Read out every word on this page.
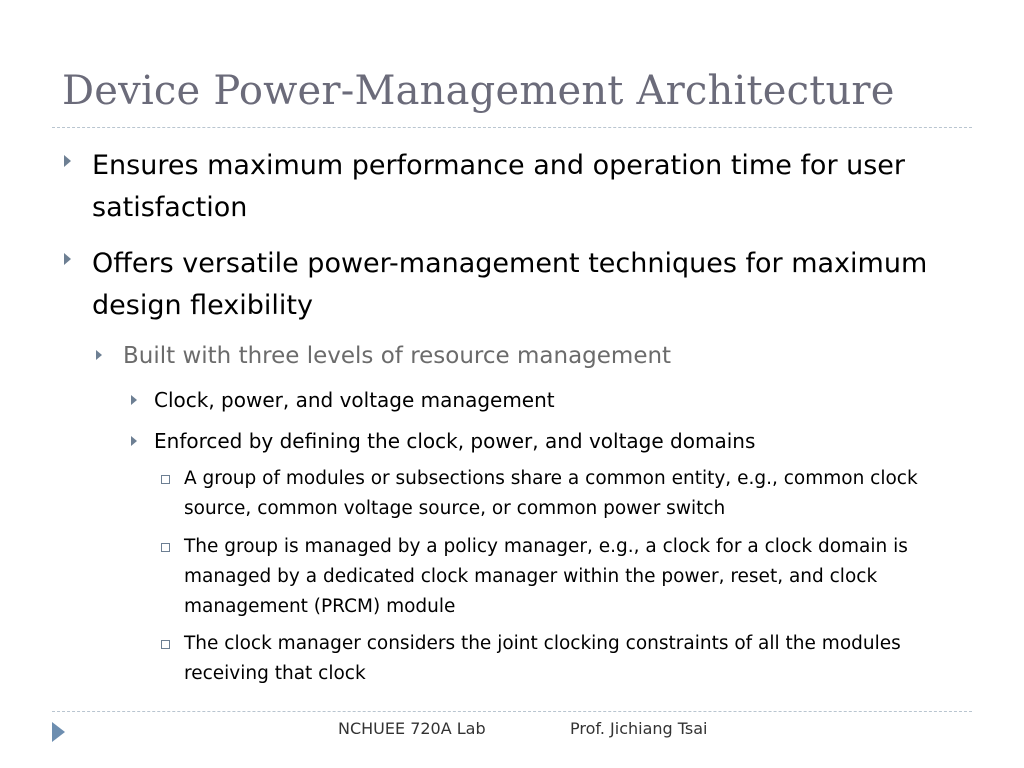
Device Power-Management Architecture
Ensures maximum performance and operation time for user satisfaction
Offers versatile power-management techniques for maximum design flexibility
Built with three levels of resource management
Clock, power, and voltage management
Enforced by defining the clock, power, and voltage domains
A group of modules or subsections share a common entity, e.g., common clock source, common voltage source, or common power switch
The group is managed by a policy manager, e.g., a clock for a clock domain is managed by a dedicated clock manager within the power, reset, and clock management (PRCM) module
The clock manager considers the joint clocking constraints of all the modules receiving that clock
NCHUEE 720A Lab	Prof. Jichiang Tsai
